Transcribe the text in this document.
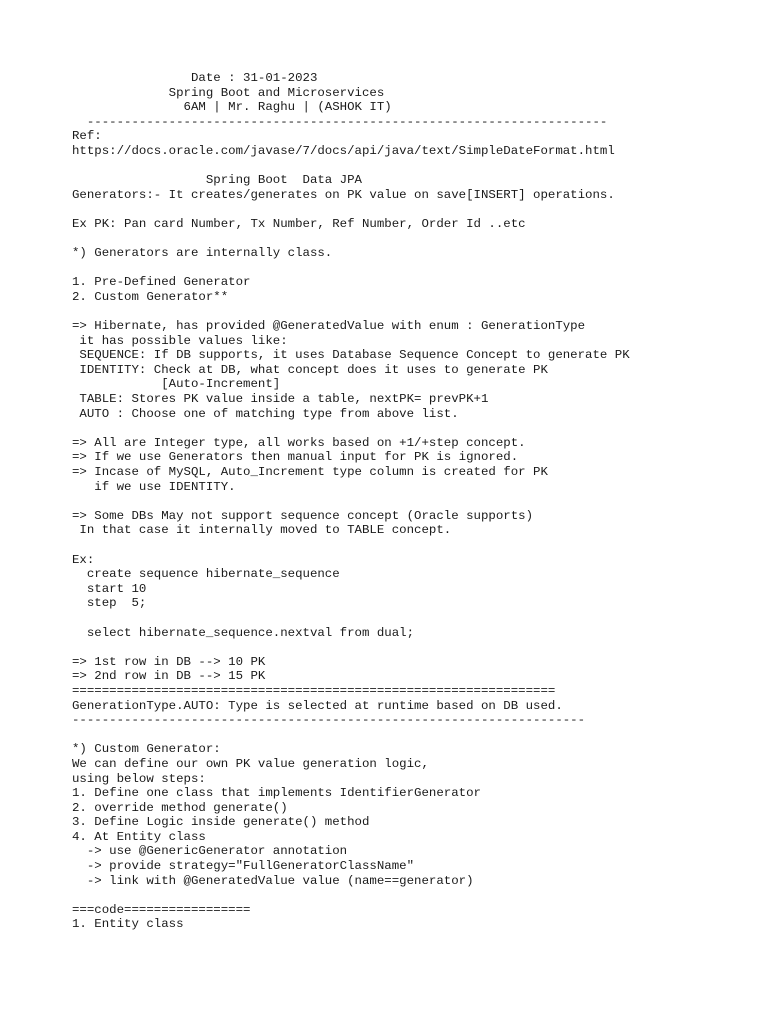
Date : 31-01-2023
Spring Boot and Microservices
6AM | Mr. Raghu | (ASHOK IT)
----------------------------------------------------------------------
Ref:
https://docs.oracle.com/javase/7/docs/api/java/text/SimpleDateFormat.html
Spring Boot  Data JPA
Generators:- It creates/generates on PK value on save[INSERT] operations.
Ex PK: Pan card Number, Tx Number, Ref Number, Order Id ..etc
*) Generators are internally class.
1. Pre-Defined Generator
2. Custom Generator**
=> Hibernate, has provided @GeneratedValue with enum : GenerationType
it has possible values like:
SEQUENCE: If DB supports, it uses Database Sequence Concept to generate PK
IDENTITY: Check at DB, what concept does it uses to generate PK
[Auto-Increment]
TABLE: Stores PK value inside a table, nextPK= prevPK+1
AUTO : Choose one of matching type from above list.
=> All are Integer type, all works based on +1/+step concept.
=> If we use Generators then manual input for PK is ignored.
=> Incase of MySQL, Auto_Increment type column is created for PK
if we use IDENTITY.
=> Some DBs May not support sequence concept (Oracle supports)
In that case it internally moved to TABLE concept.
Ex:
create sequence hibernate_sequence
start 10
step  5;
select hibernate_sequence.nextval from dual;
=> 1st row in DB --> 10 PK
=> 2nd row in DB --> 15 PK
=================================================================
GenerationType.AUTO: Type is selected at runtime based on DB used.
---------------------------------------------------------------------
*) Custom Generator:
We can define our own PK value generation logic,
using below steps:
1. Define one class that implements IdentifierGenerator
2. override method generate()
3. Define Logic inside generate() method
4. At Entity class
-> use @GenericGenerator annotation
-> provide strategy="FullGeneratorClassName"
-> link with @GeneratedValue value (name==generator)
===code=================
1. Entity class
